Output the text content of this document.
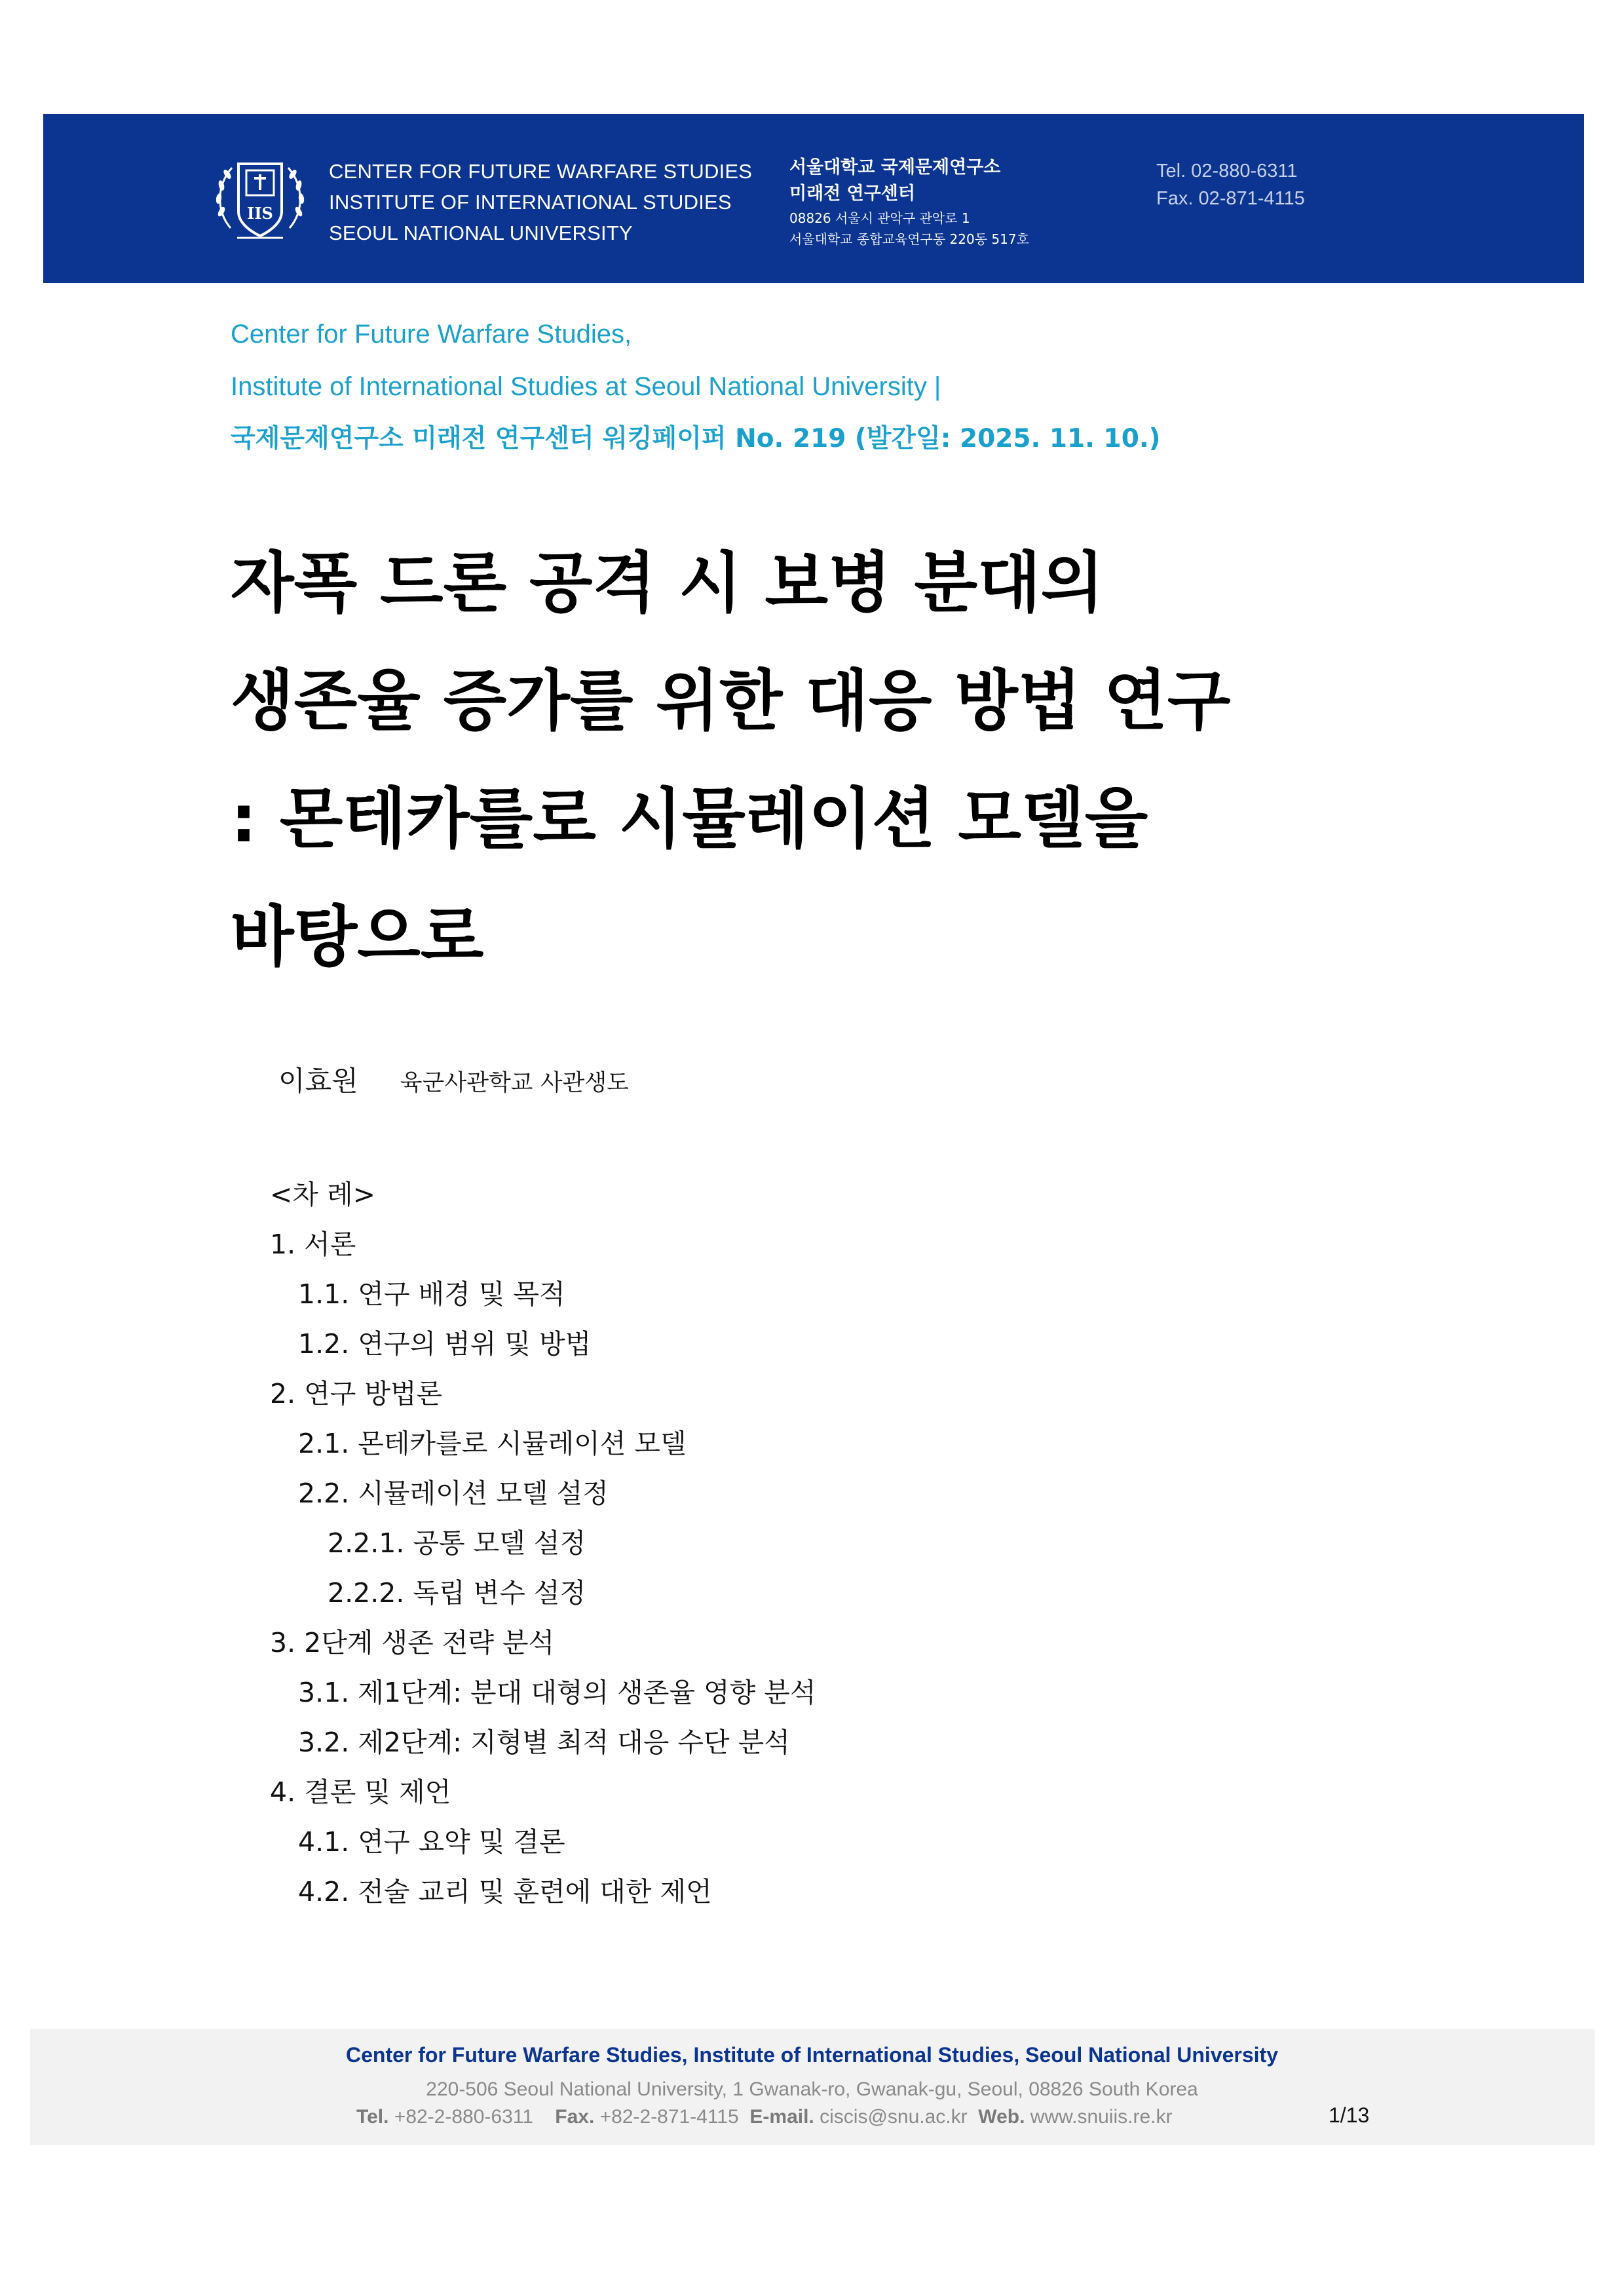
IIS
CENTER FOR FUTURE WARFARE STUDIES
INSTITUTE OF INTERNATIONAL STUDIES
SEOUL NATIONAL UNIVERSITY
서울대학교 국제문제연구소
미래전 연구센터
08826 서울시 관악구 관악로 1
서울대학교 종합교육연구동 220동 517호
Tel. 02-880-6311
Fax. 02-871-4115
Center for Future Warfare Studies,
Institute of International Studies at Seoul National University |
국제문제연구소 미래전 연구센터 워킹페이퍼 No. 219 (발간일: 2025. 11. 10.)
자폭 드론 공격 시 보병 분대의
생존율 증가를 위한 대응 방법 연구
: 몬테카를로 시뮬레이션 모델을
바탕으로
이효원 육군사관학교 사관생도
<차 례>
1. 서론
1.1. 연구 배경 및 목적
1.2. 연구의 범위 및 방법
2. 연구 방법론
2.1. 몬테카를로 시뮬레이션 모델
2.2. 시뮬레이션 모델 설정
2.2.1. 공통 모델 설정
2.2.2. 독립 변수 설정
3. 2단계 생존 전략 분석
3.1. 제1단계: 분대 대형의 생존율 영향 분석
3.2. 제2단계: 지형별 최적 대응 수단 분석
4. 결론 및 제언
4.1. 연구 요약 및 결론
4.2. 전술 교리 및 훈련에 대한 제언
Center for Future Warfare Studies, Institute of International Studies, Seoul National University
220-506 Seoul National University, 1 Gwanak-ro, Gwanak-gu, Seoul, 08826 South Korea
Tel. +82-2-880-6311 Fax. +82-2-871-4115 E-mail. ciscis@snu.ac.kr Web. www.snuiis.re.kr	1/13
